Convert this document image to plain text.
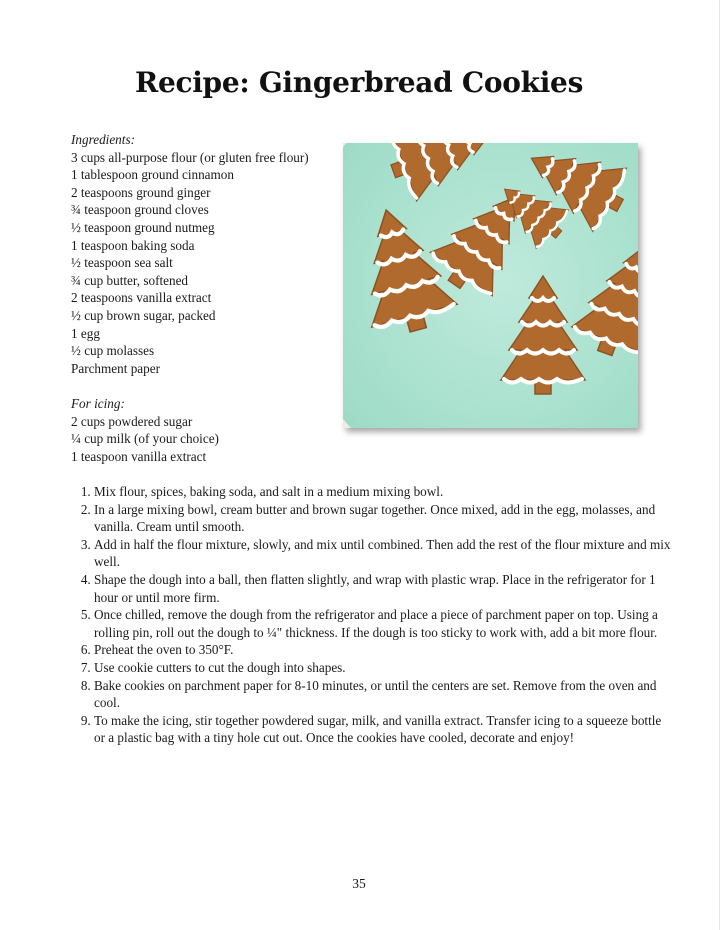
Recipe: Gingerbread Cookies
Ingredients:
3 cups all-purpose flour (or gluten free flour)
1 tablespoon ground cinnamon
2 teaspoons ground ginger
¾ teaspoon ground cloves
½ teaspoon ground nutmeg
1 teaspoon baking soda
½ teaspoon sea salt
¾ cup butter, softened
2 teaspoons vanilla extract
½ cup brown sugar, packed
1 egg
½ cup molasses
Parchment paper
For icing:
2 cups powdered sugar
¼ cup milk (of your choice)
1 teaspoon vanilla extract
1. Mix flour, spices, baking soda, and salt in a medium mixing bowl.
2. In a large mixing bowl, cream butter and brown sugar together. Once mixed, add in the egg, molasses, and vanilla. Cream until smooth.
3. Add in half the flour mixture, slowly, and mix until combined. Then add the rest of the flour mixture and mix well.
4. Shape the dough into a ball, then flatten slightly, and wrap with plastic wrap. Place in the refrigerator for 1 hour or until more firm.
5. Once chilled, remove the dough from the refrigerator and place a piece of parchment paper on top. Using a rolling pin, roll out the dough to ¼" thickness. If the dough is too sticky to work with, add a bit more flour.
6. Preheat the oven to 350°F.
7. Use cookie cutters to cut the dough into shapes.
8. Bake cookies on parchment paper for 8-10 minutes, or until the centers are set. Remove from the oven and cool.
9. To make the icing, stir together powdered sugar, milk, and vanilla extract. Transfer icing to a squeeze bottle or a plastic bag with a tiny hole cut out. Once the cookies have cooled, decorate and enjoy!
35
